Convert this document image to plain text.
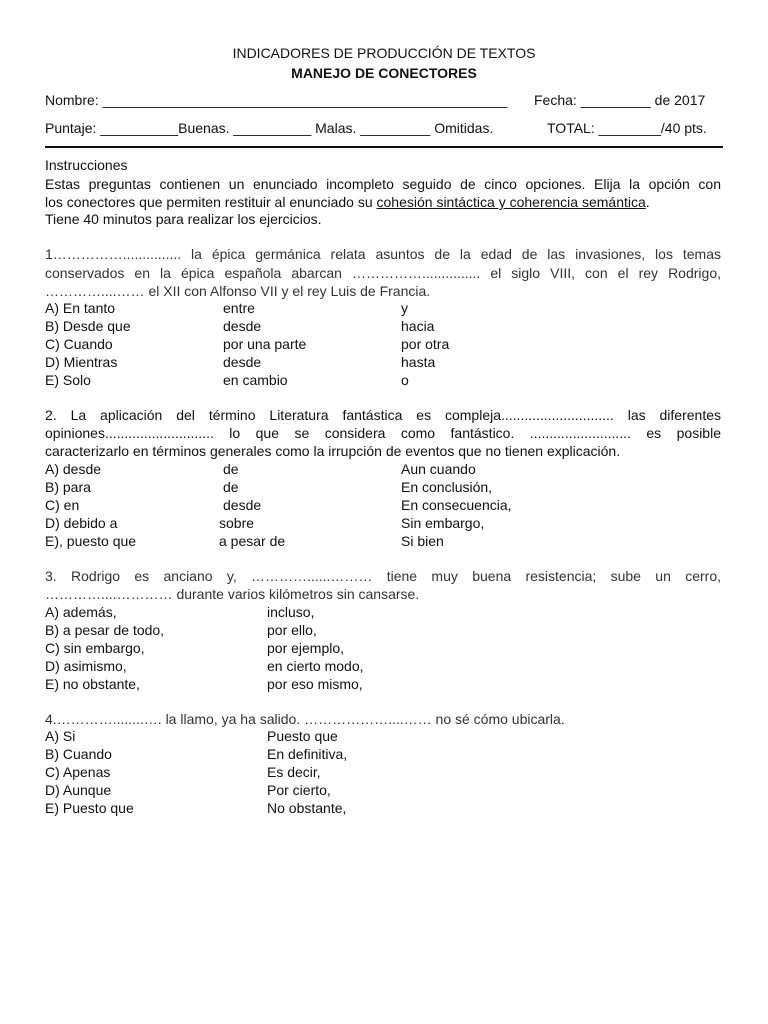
INDICADORES DE PRODUCCIÓN DE TEXTOS
MANEJO DE CONECTORES
Nombre: ____________________________________________________ Fecha: _________ de 2017
Puntaje: __________Buenas. __________ Malas. _________ Omitidas.	TOTAL: ________/40 pts.
Instrucciones
Estas preguntas contienen un enunciado incompleto seguido de cinco opciones. Elija la opción con
los conectores que permiten restituir al enunciado su cohesión sintáctica y coherencia semántica.
Tiene 40 minutos para realizar los ejercicios.
1……………............... la épica germánica relata asuntos de la edad de las invasiones, los temas
conservados en la épica española abarcan ……………............... el siglo VIII, con el rey Rodrigo,
…………....…… el XII con Alfonso VII y el rey Luis de Francia.
A) En tanto	entre	y
B) Desde que	desde	hacia
C) Cuando	por una parte	por otra
D) Mientras	desde	hasta
E) Solo	en cambio	o
2. La aplicación del término Literatura fantástica es compleja............................. las diferentes
opiniones............................ lo que se considera como fantástico. .......................... es posible
caracterizarlo en términos generales como la irrupción de eventos que no tienen explicación.
A) desde	de	Aun cuando
B) para	de	En conclusión,
C) en	desde	En consecuencia,
D) debido a	sobre	Sin embargo,
E), puesto que	a pesar de	Si bien
3. Rodrigo es anciano y, …………......……… tiene muy buena resistencia; sube un cerro,
…………....………… durante varios kilómetros sin cansarse.
A) además,	incluso,
B) a pesar de todo,	por ello,
C) sin embargo,	por ejemplo,
D) asimismo,	en cierto modo,
E) no obstante,	por eso mismo,
4.…………........…. la llamo, ya ha salido. ………………....…… no sé cómo ubicarla.
A) Si	Puesto que
B) Cuando	En definitiva,
C) Apenas	Es decir,
D) Aunque	Por cierto,
E) Puesto que	No obstante,
